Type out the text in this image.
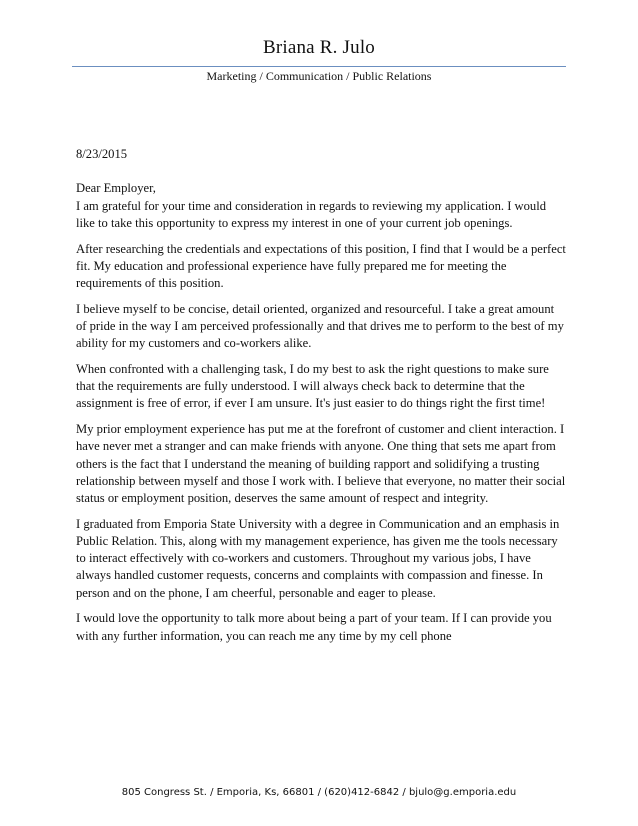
Briana R. Julo
Marketing / Communication / Public Relations

8/23/2015

Dear Employer,

I am grateful for your time and consideration in regards to reviewing my application. I would like to take this opportunity to express my interest in one of your current job openings.

After researching the credentials and expectations of this position, I find that I would be a perfect fit. My education and professional experience have fully prepared me for meeting the requirements of this position.

I believe myself to be concise, detail oriented, organized and resourceful. I take a great amount of pride in the way I am perceived professionally and that drives me to perform to the best of my ability for my customers and co-workers alike.

When confronted with a challenging task, I do my best to ask the right questions to make sure that the requirements are fully understood. I will always check back to determine that the assignment is free of error, if ever I am unsure. It's just easier to do things right the first time!

My prior employment experience has put me at the forefront of customer and client interaction. I have never met a stranger and can make friends with anyone. One thing that sets me apart from others is the fact that I understand the meaning of building rapport and solidifying a trusting relationship between myself and those I work with. I believe that everyone, no matter their social status or employment position, deserves the same amount of respect and integrity.

I graduated from Emporia State University with a degree in Communication and an emphasis in Public Relation. This, along with my management experience, has given me the tools necessary to interact effectively with co-workers and customers. Throughout my various jobs, I have always handled customer requests, concerns and complaints with compassion and finesse. In person and on the phone, I am cheerful, personable and eager to please.

I would love the opportunity to talk more about being a part of your team. If I can provide you with any further information, you can reach me any time by my cell phone

805 Congress St. / Emporia, Ks, 66801 / (620)412-6842 / bjulo@g.emporia.edu
